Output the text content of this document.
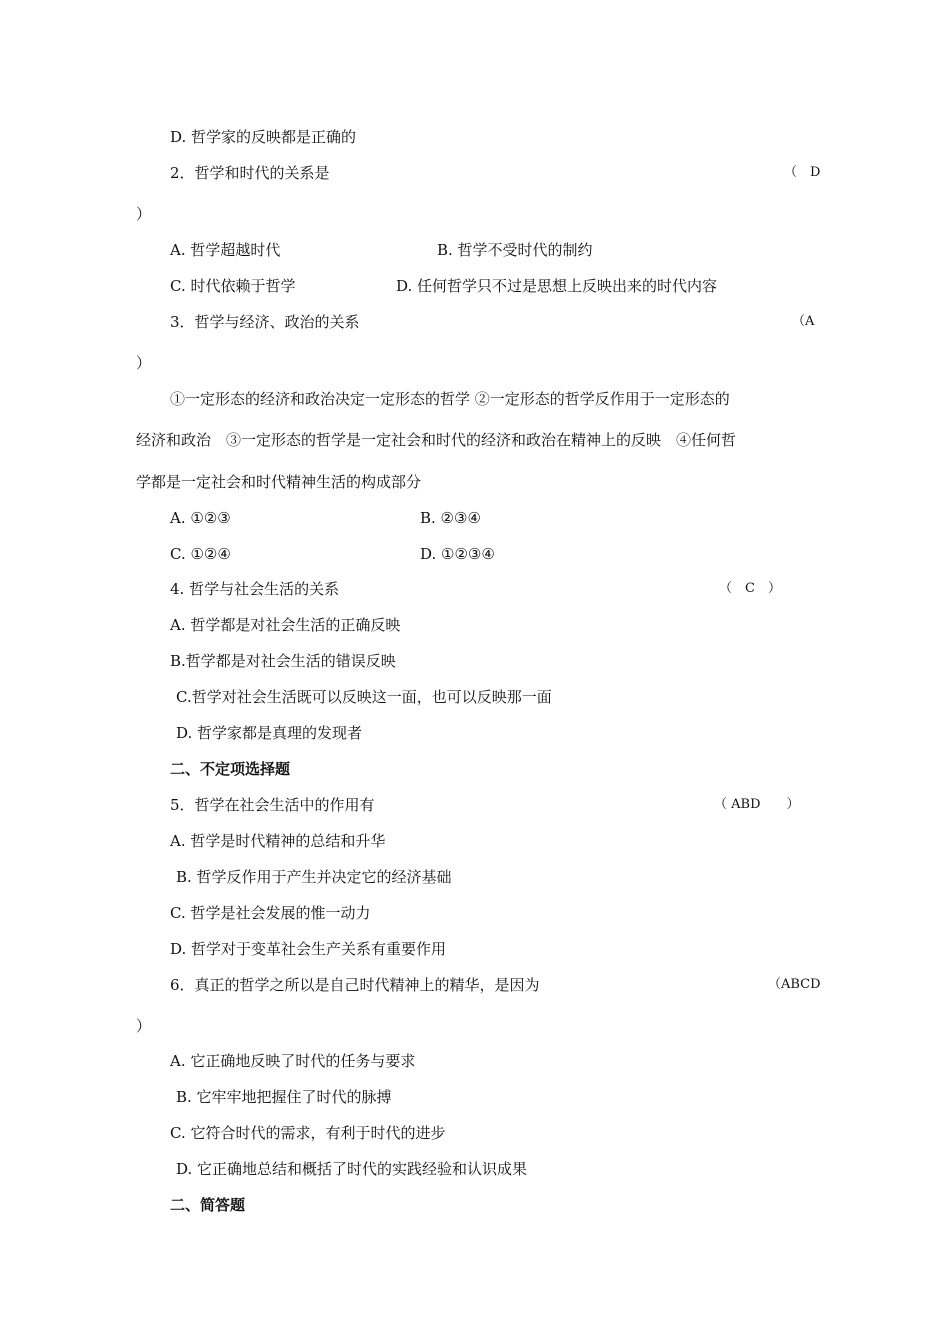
D. 哲学家的反映都是正确的
2．哲学和时代的关系是	（　D
）
A. 哲学超越时代	B. 哲学不受时代的制约
C. 时代依赖于哲学	D. 任何哲学只不过是思想上反映出来的时代内容
3．哲学与经济、政治的关系	（A
）
①一定形态的经济和政治决定一定形态的哲学 ②一定形态的哲学反作用于一定形态的
经济和政治　③一定形态的哲学是一定社会和时代的经济和政治在精神上的反映　④任何哲
学都是一定社会和时代精神生活的构成部分
A. ①②③	B. ②③④
C. ①②④	D. ①②③④
4. 哲学与社会生活的关系	（　C　）
A. 哲学都是对社会生活的正确反映
B.哲学都是对社会生活的错误反映
C.哲学对社会生活既可以反映这一面，也可以反映那一面
D. 哲学家都是真理的发现者
二、不定项选择题
5．哲学在社会生活中的作用有	（ ABD　　）
A. 哲学是时代精神的总结和升华
B. 哲学反作用于产生并决定它的经济基础
C. 哲学是社会发展的惟一动力
D. 哲学对于变革社会生产关系有重要作用
6．真正的哲学之所以是自己时代精神上的精华，是因为	（ABCD
）
A. 它正确地反映了时代的任务与要求
B. 它牢牢地把握住了时代的脉搏
C. 它符合时代的需求，有利于时代的进步
D. 它正确地总结和概括了时代的实践经验和认识成果
二、简答题
